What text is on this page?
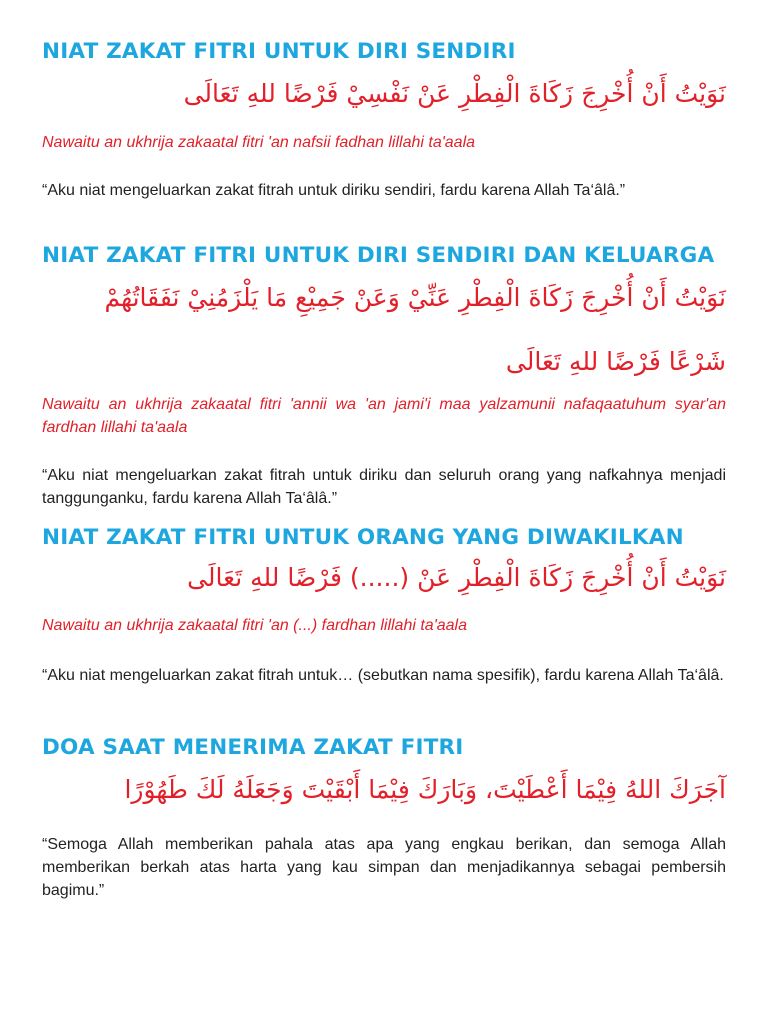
NIAT ZAKAT FITRI UNTUK DIRI SENDIRI

نَوَيْتُ أَنْ أُخْرِجَ زَكَاةَ الْفِطْرِ عَنْ نَفْسِيْ فَرْضًا للهِ تَعَالَى

Nawaitu an ukhrija zakaatal fitri 'an nafsii fadhan lillahi ta'aala

“Aku niat mengeluarkan zakat fitrah untuk diriku sendiri, fardu karena Allah Ta‘âlâ.”

NIAT ZAKAT FITRI UNTUK DIRI SENDIRI DAN KELUARGA

نَوَيْتُ أَنْ أُخْرِجَ زَكَاةَ الْفِطْرِ عَنِّيْ وَعَنْ جَمِيْعِ مَا يَلْزَمُنِيْ نَفَقَاتُهُمْ شَرْعًا فَرْضًا للهِ تَعَالَى

Nawaitu an ukhrija zakaatal fitri 'annii wa 'an jami'i maa yalzamunii nafaqaatuhum syar'an fardhan lillahi ta'aala

“Aku niat mengeluarkan zakat fitrah untuk diriku dan seluruh orang yang nafkahnya menjadi tanggunganku, fardu karena Allah Ta‘âlâ.”

NIAT ZAKAT FITRI UNTUK ORANG YANG DIWAKILKAN

نَوَيْتُ أَنْ أُخْرِجَ زَكَاةَ الْفِطْرِ عَنْ (.....) فَرْضًا للهِ تَعَالَى

Nawaitu an ukhrija zakaatal fitri 'an (...) fardhan lillahi ta'aala

“Aku niat mengeluarkan zakat fitrah untuk… (sebutkan nama spesifik), fardu karena Allah Ta‘âlâ.

DOA SAAT MENERIMA ZAKAT FITRI

آجَرَكَ اللهُ فِيْمَا أَعْطَيْتَ، وَبَارَكَ فِيْمَا أَبْقَيْتَ وَجَعَلَهُ لَكَ طَهُوْرًا

“Semoga Allah memberikan pahala atas apa yang engkau berikan, dan semoga Allah memberikan berkah atas harta yang kau simpan dan menjadikannya sebagai pembersih bagimu.”
